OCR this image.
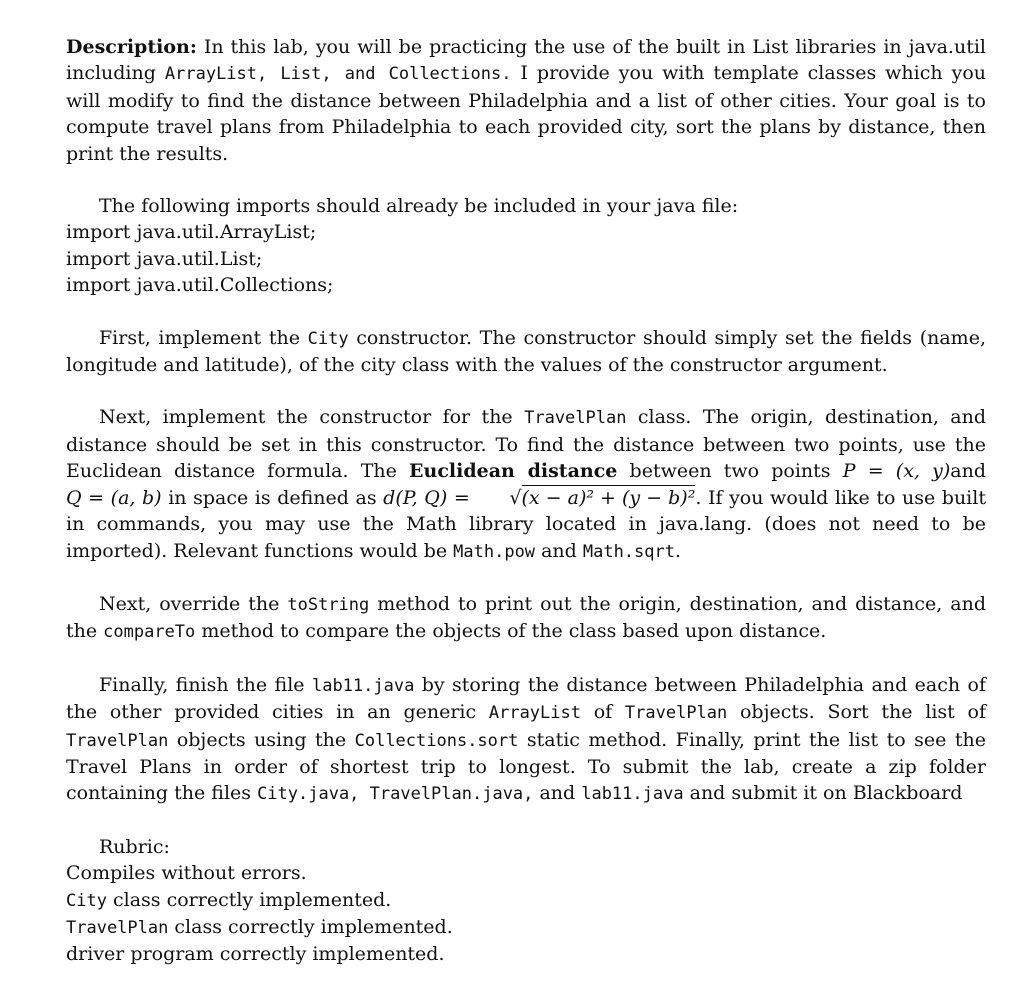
Description: In this lab, you will be practicing the use of the built in List libraries in java.util including ArrayList, List, and Collections. I provide you with template classes which you will modify to find the distance between Philadelphia and a list of other cities. Your goal is to compute travel plans from Philadelphia to each provided city, sort the plans by distance, then print the results.

The following imports should already be included in your java file:
import java.util.ArrayList;
import java.util.List;
import java.util.Collections;

First, implement the City constructor. The constructor should simply set the fields (name, longitude and latitude), of the city class with the values of the constructor argument.

Next, implement the constructor for the TravelPlan class. The origin, destination, and distance should be set in this constructor. To find the distance between two points, use the Euclidean distance formula. The Euclidean distance between two points P = (x, y)and Q = (a, b) in space is defined as d(P, Q) = √(x − a)² + (y − b)². If you would like to use built in commands, you may use the Math library located in java.lang. (does not need to be imported). Relevant functions would be Math.pow and Math.sqrt.

Next, override the toString method to print out the origin, destination, and distance, and the compareTo method to compare the objects of the class based upon distance.

Finally, finish the file lab11.java by storing the distance between Philadelphia and each of the other provided cities in an generic ArrayList of TravelPlan objects. Sort the list of TravelPlan objects using the Collections.sort static method. Finally, print the list to see the Travel Plans in order of shortest trip to longest. To submit the lab, create a zip folder containing the files City.java, TravelPlan.java, and lab11.java and submit it on Blackboard

Rubric:
Compiles without errors.
City class correctly implemented.
TravelPlan class correctly implemented.
driver program correctly implemented.
